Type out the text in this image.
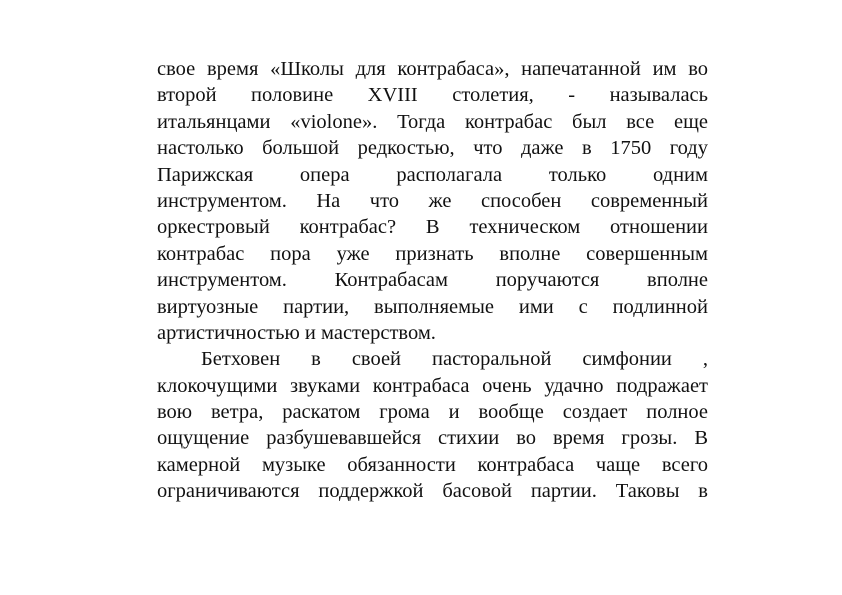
свое время «Школы для контрабаса», напечатанной им во
второй половине XVIII столетия, - называлась
итальянцами «violone». Тогда контрабас был все еще
настолько большой редкостью, что даже в 1750 году
Парижская опера располагала только одним
инструментом. На что же способен современный
оркестровый контрабас? В техническом отношении
контрабас пора уже признать вполне совершенным
инструментом. Контрабасам поручаются вполне
виртуозные партии, выполняемые ими с подлинной
артистичностью и мастерством.
Бетховен в своей пасторальной симфонии ,
клокочущими звуками контрабаса очень удачно подражает
вою ветра, раскатом грома и вообще создает полное
ощущение разбушевавшейся стихии во время грозы. В
камерной музыке обязанности контрабаса чаще всего
ограничиваются поддержкой басовой партии. Таковы в
